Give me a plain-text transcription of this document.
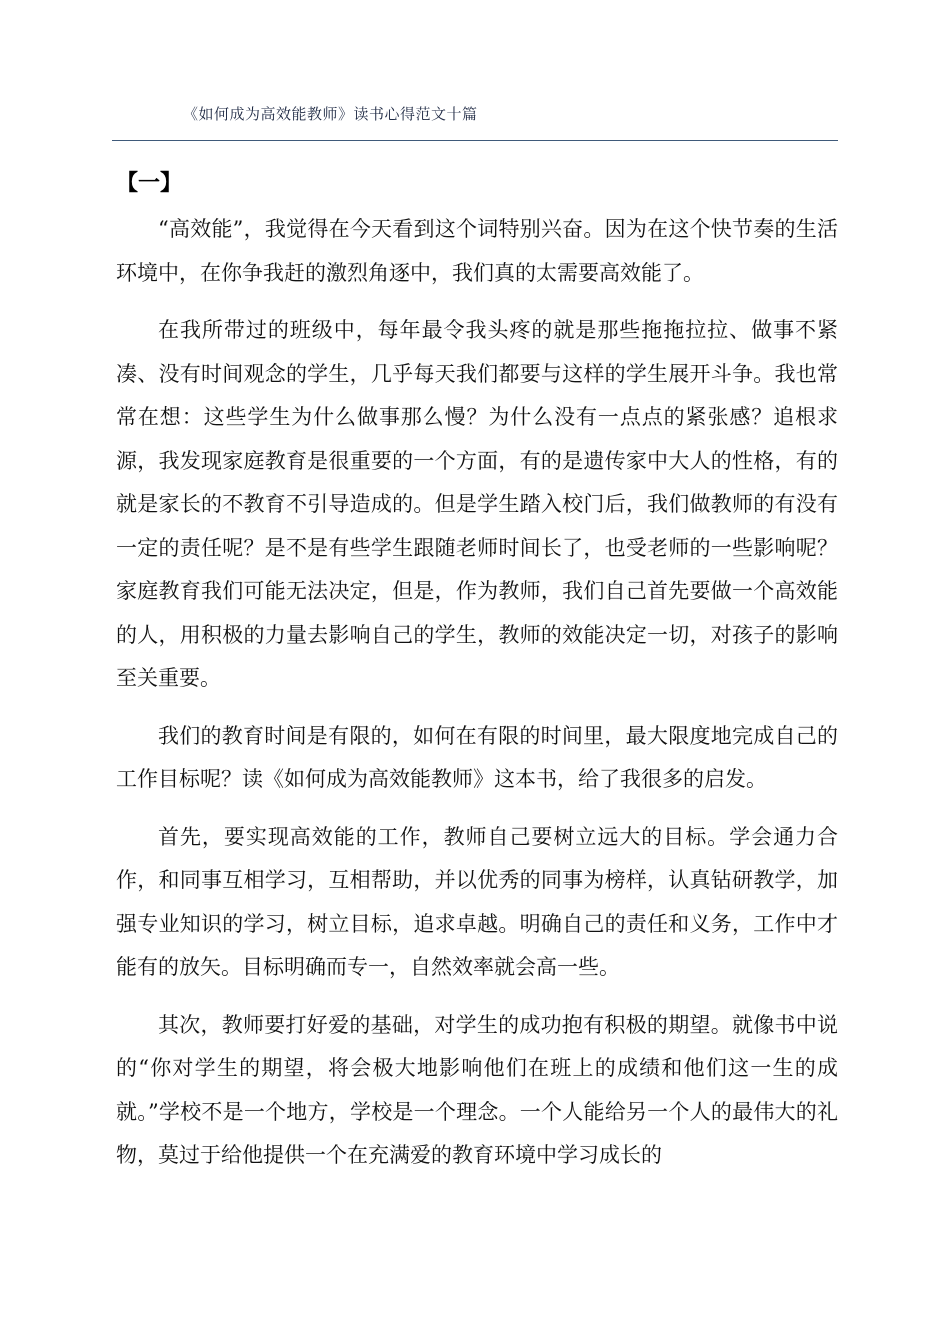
《如何成为高效能教师》读书心得范文十篇
【一】

“高效能”，我觉得在今天看到这个词特别兴奋。因为在这个快节奏的生活环境中，在你争我赶的激烈角逐中，我们真的太需要高效能了。

在我所带过的班级中，每年最令我头疼的就是那些拖拖拉拉、做事不紧凑、没有时间观念的学生，几乎每天我们都要与这样的学生展开斗争。我也常常在想：这些学生为什么做事那么慢？为什么没有一点点的紧张感？追根求源，我发现家庭教育是很重要的一个方面，有的是遗传家中大人的性格，有的就是家长的不教育不引导造成的。但是学生踏入校门后，我们做教师的有没有一定的责任呢？是不是有些学生跟随老师时间长了，也受老师的一些影响呢？家庭教育我们可能无法决定，但是，作为教师，我们自己首先要做一个高效能的人，用积极的力量去影响自己的学生，教师的效能决定一切，对孩子的影响至关重要。

我们的教育时间是有限的，如何在有限的时间里，最大限度地完成自己的工作目标呢？读《如何成为高效能教师》这本书，给了我很多的启发。

首先，要实现高效能的工作，教师自己要树立远大的目标。学会通力合作，和同事互相学习，互相帮助，并以优秀的同事为榜样，认真钻研教学，加强专业知识的学习，树立目标，追求卓越。明确自己的责任和义务，工作中才能有的放矢。目标明确而专一，自然效率就会高一些。

其次，教师要打好爱的基础，对学生的成功抱有积极的期望。就像书中说的“你对学生的期望，将会极大地影响他们在班上的成绩和他们这一生的成就。”学校不是一个地方，学校是一个理念。一个人能给另一个人的最伟大的礼物，莫过于给他提供一个在充满爱的教育环境中学习成长的
